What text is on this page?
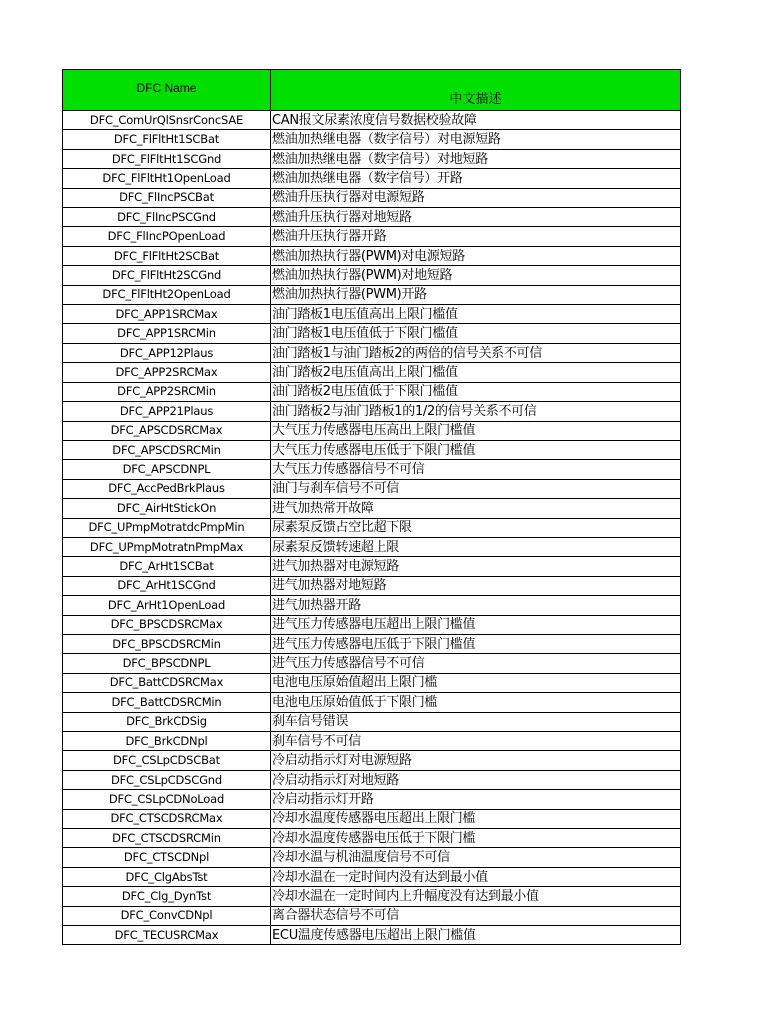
DFC Name	中文描述
DFC_ComUrQlSnsrConcSAE	CAN报文尿素浓度信号数据校验故障
DFC_FlFltHt1SCBat	燃油加热继电器（数字信号）对电源短路
DFC_FlFltHt1SCGnd	燃油加热继电器（数字信号）对地短路
DFC_FlFltHt1OpenLoad	燃油加热继电器（数字信号）开路
DFC_FlIncPSCBat	燃油升压执行器对电源短路
DFC_FlIncPSCGnd	燃油升压执行器对地短路
DFC_FlIncPOpenLoad	燃油升压执行器开路
DFC_FlFltHt2SCBat	燃油加热执行器(PWM)对电源短路
DFC_FlFltHt2SCGnd	燃油加热执行器(PWM)对地短路
DFC_FlFltHt2OpenLoad	燃油加热执行器(PWM)开路
DFC_APP1SRCMax	油门踏板1电压值高出上限门槛值
DFC_APP1SRCMin	油门踏板1电压值低于下限门槛值
DFC_APP12Plaus	油门踏板1与油门踏板2的两倍的信号关系不可信
DFC_APP2SRCMax	油门踏板2电压值高出上限门槛值
DFC_APP2SRCMin	油门踏板2电压值低于下限门槛值
DFC_APP21Plaus	油门踏板2与油门踏板1的1/2的信号关系不可信
DFC_APSCDSRCMax	大气压力传感器电压高出上限门槛值
DFC_APSCDSRCMin	大气压力传感器电压低于下限门槛值
DFC_APSCDNPL	大气压力传感器信号不可信
DFC_AccPedBrkPlaus	油门与刹车信号不可信
DFC_AirHtStickOn	进气加热常开故障
DFC_UPmpMotratdcPmpMin	尿素泵反馈占空比超下限
DFC_UPmpMotratnPmpMax	尿素泵反馈转速超上限
DFC_ArHt1SCBat	进气加热器对电源短路
DFC_ArHt1SCGnd	进气加热器对地短路
DFC_ArHt1OpenLoad	进气加热器开路
DFC_BPSCDSRCMax	进气压力传感器电压超出上限门槛值
DFC_BPSCDSRCMin	进气压力传感器电压低于下限门槛值
DFC_BPSCDNPL	进气压力传感器信号不可信
DFC_BattCDSRCMax	电池电压原始值超出上限门槛
DFC_BattCDSRCMin	电池电压原始值低于下限门槛
DFC_BrkCDSig	刹车信号错误
DFC_BrkCDNpl	刹车信号不可信
DFC_CSLpCDSCBat	冷启动指示灯对电源短路
DFC_CSLpCDSCGnd	冷启动指示灯对地短路
DFC_CSLpCDNoLoad	冷启动指示灯开路
DFC_CTSCDSRCMax	冷却水温度传感器电压超出上限门槛
DFC_CTSCDSRCMin	冷却水温度传感器电压低于下限门槛
DFC_CTSCDNpl	冷却水温与机油温度信号不可信
DFC_ClgAbsTst	冷却水温在一定时间内没有达到最小值
DFC_Clg_DynTst	冷却水温在一定时间内上升幅度没有达到最小值
DFC_ConvCDNpl	离合器状态信号不可信
DFC_TECUSRCMax	ECU温度传感器电压超出上限门槛值
